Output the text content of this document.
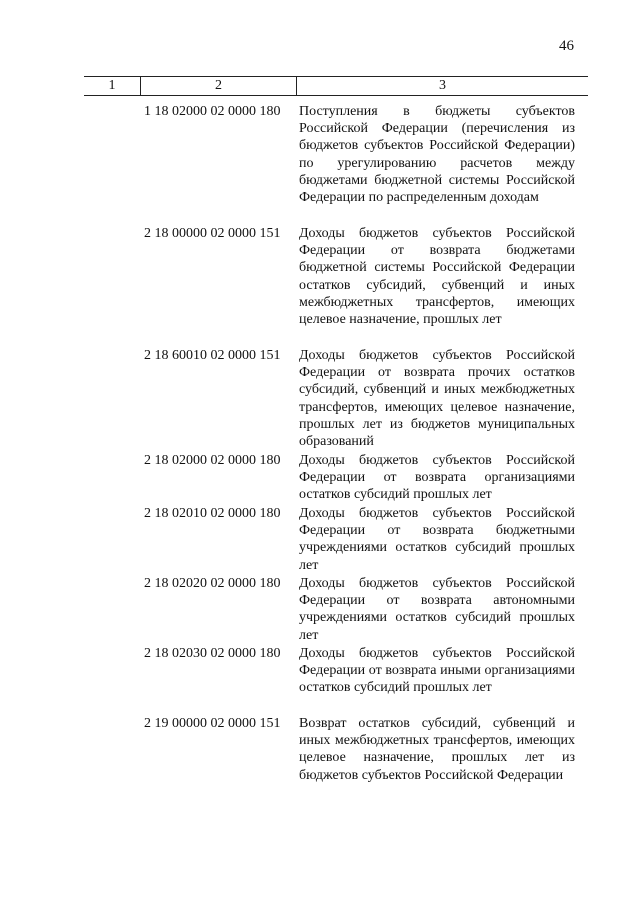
46
1	2	3
1 18 02000 02 0000 180	Поступления в бюджеты субъектов Российской Федерации (перечисления из бюджетов субъектов Российской Федерации) по урегулированию расчетов между бюджетами бюджетной системы Российской Федерации по распределенным доходам
2 18 00000 02 0000 151	Доходы бюджетов субъектов Российской Федерации от возврата бюджетами бюджетной системы Российской Федерации остатков субсидий, субвенций и иных межбюджетных трансфертов, имеющих целевое назначение, прошлых лет
2 18 60010 02 0000 151	Доходы бюджетов субъектов Российской Федерации от возврата прочих остатков субсидий, субвенций и иных межбюджетных трансфертов, имеющих целевое назначение, прошлых лет из бюджетов муниципальных образований
2 18 02000 02 0000 180	Доходы бюджетов субъектов Российской Федерации от возврата организациями остатков субсидий прошлых лет
2 18 02010 02 0000 180	Доходы бюджетов субъектов Российской Федерации от возврата бюджетными учреждениями остатков субсидий прошлых лет
2 18 02020 02 0000 180	Доходы бюджетов субъектов Российской Федерации от возврата автономными учреждениями остатков субсидий прошлых лет
2 18 02030 02 0000 180	Доходы бюджетов субъектов Российской Федерации от возврата иными организациями остатков субсидий прошлых лет
2 19 00000 02 0000 151	Возврат остатков субсидий, субвенций и иных межбюджетных трансфертов, имеющих целевое назначение, прошлых лет из бюджетов субъектов Российской Федерации
